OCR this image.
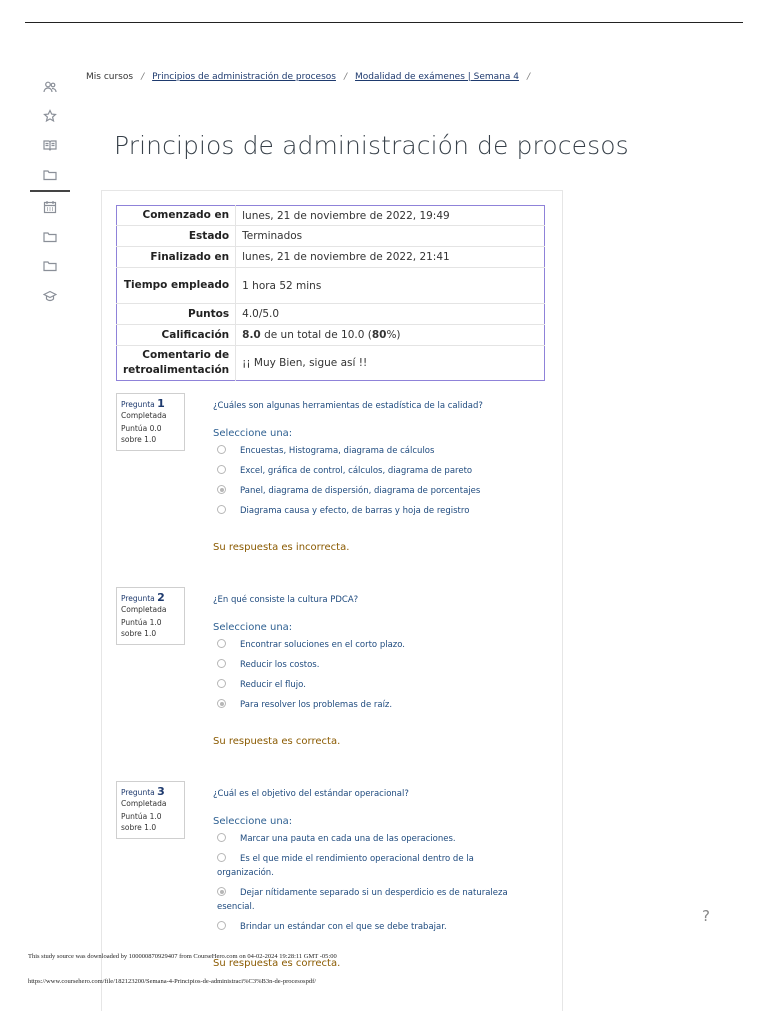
Mis cursos / Principios de administración de procesos / Modalidad de exámenes | Semana 4 /
Principios de administración de procesos
Comenzado en	lunes, 21 de noviembre de 2022, 19:49
Estado	Terminados
Finalizado en	lunes, 21 de noviembre de 2022, 21:41
Tiempo empleado	1 hora 52 mins
Puntos	4.0/5.0
Calificación	8.0 de un total de 10.0 (80%)
Comentario de retroalimentación	¡¡ Muy Bien, sigue así !!
Pregunta 1
Completada
Puntúa 0.0 sobre 1.0
¿Cuáles son algunas herramientas de estadística de la calidad?
Seleccione una:
Encuestas, Histograma, diagrama de cálculos
Excel, gráfica de control, cálculos, diagrama de pareto
Panel, diagrama de dispersión, diagrama de porcentajes
Diagrama causa y efecto, de barras y hoja de registro
Su respuesta es incorrecta.
Pregunta 2
Completada
Puntúa 1.0 sobre 1.0
¿En qué consiste la cultura PDCA?
Seleccione una:
Encontrar soluciones en el corto plazo.
Reducir los costos.
Reducir el flujo.
Para resolver los problemas de raíz.
Su respuesta es correcta.
Pregunta 3
Completada
Puntúa 1.0 sobre 1.0
¿Cuál es el objetivo del estándar operacional?
Seleccione una:
Marcar una pauta en cada una de las operaciones.
Es el que mide el rendimiento operacional dentro de la organización.
Dejar nítidamente separado si un desperdicio es de naturaleza esencial.
Brindar un estándar con el que se debe trabajar.
Su respuesta es correcta.
?
This study source was downloaded by 100000870929407 from CourseHero.com on 04-02-2024 19:28:11 GMT -05:00
https://www.coursehero.com/file/182123200/Semana-4-Principios-de-administraci%C3%B3n-de-procesospdf/
